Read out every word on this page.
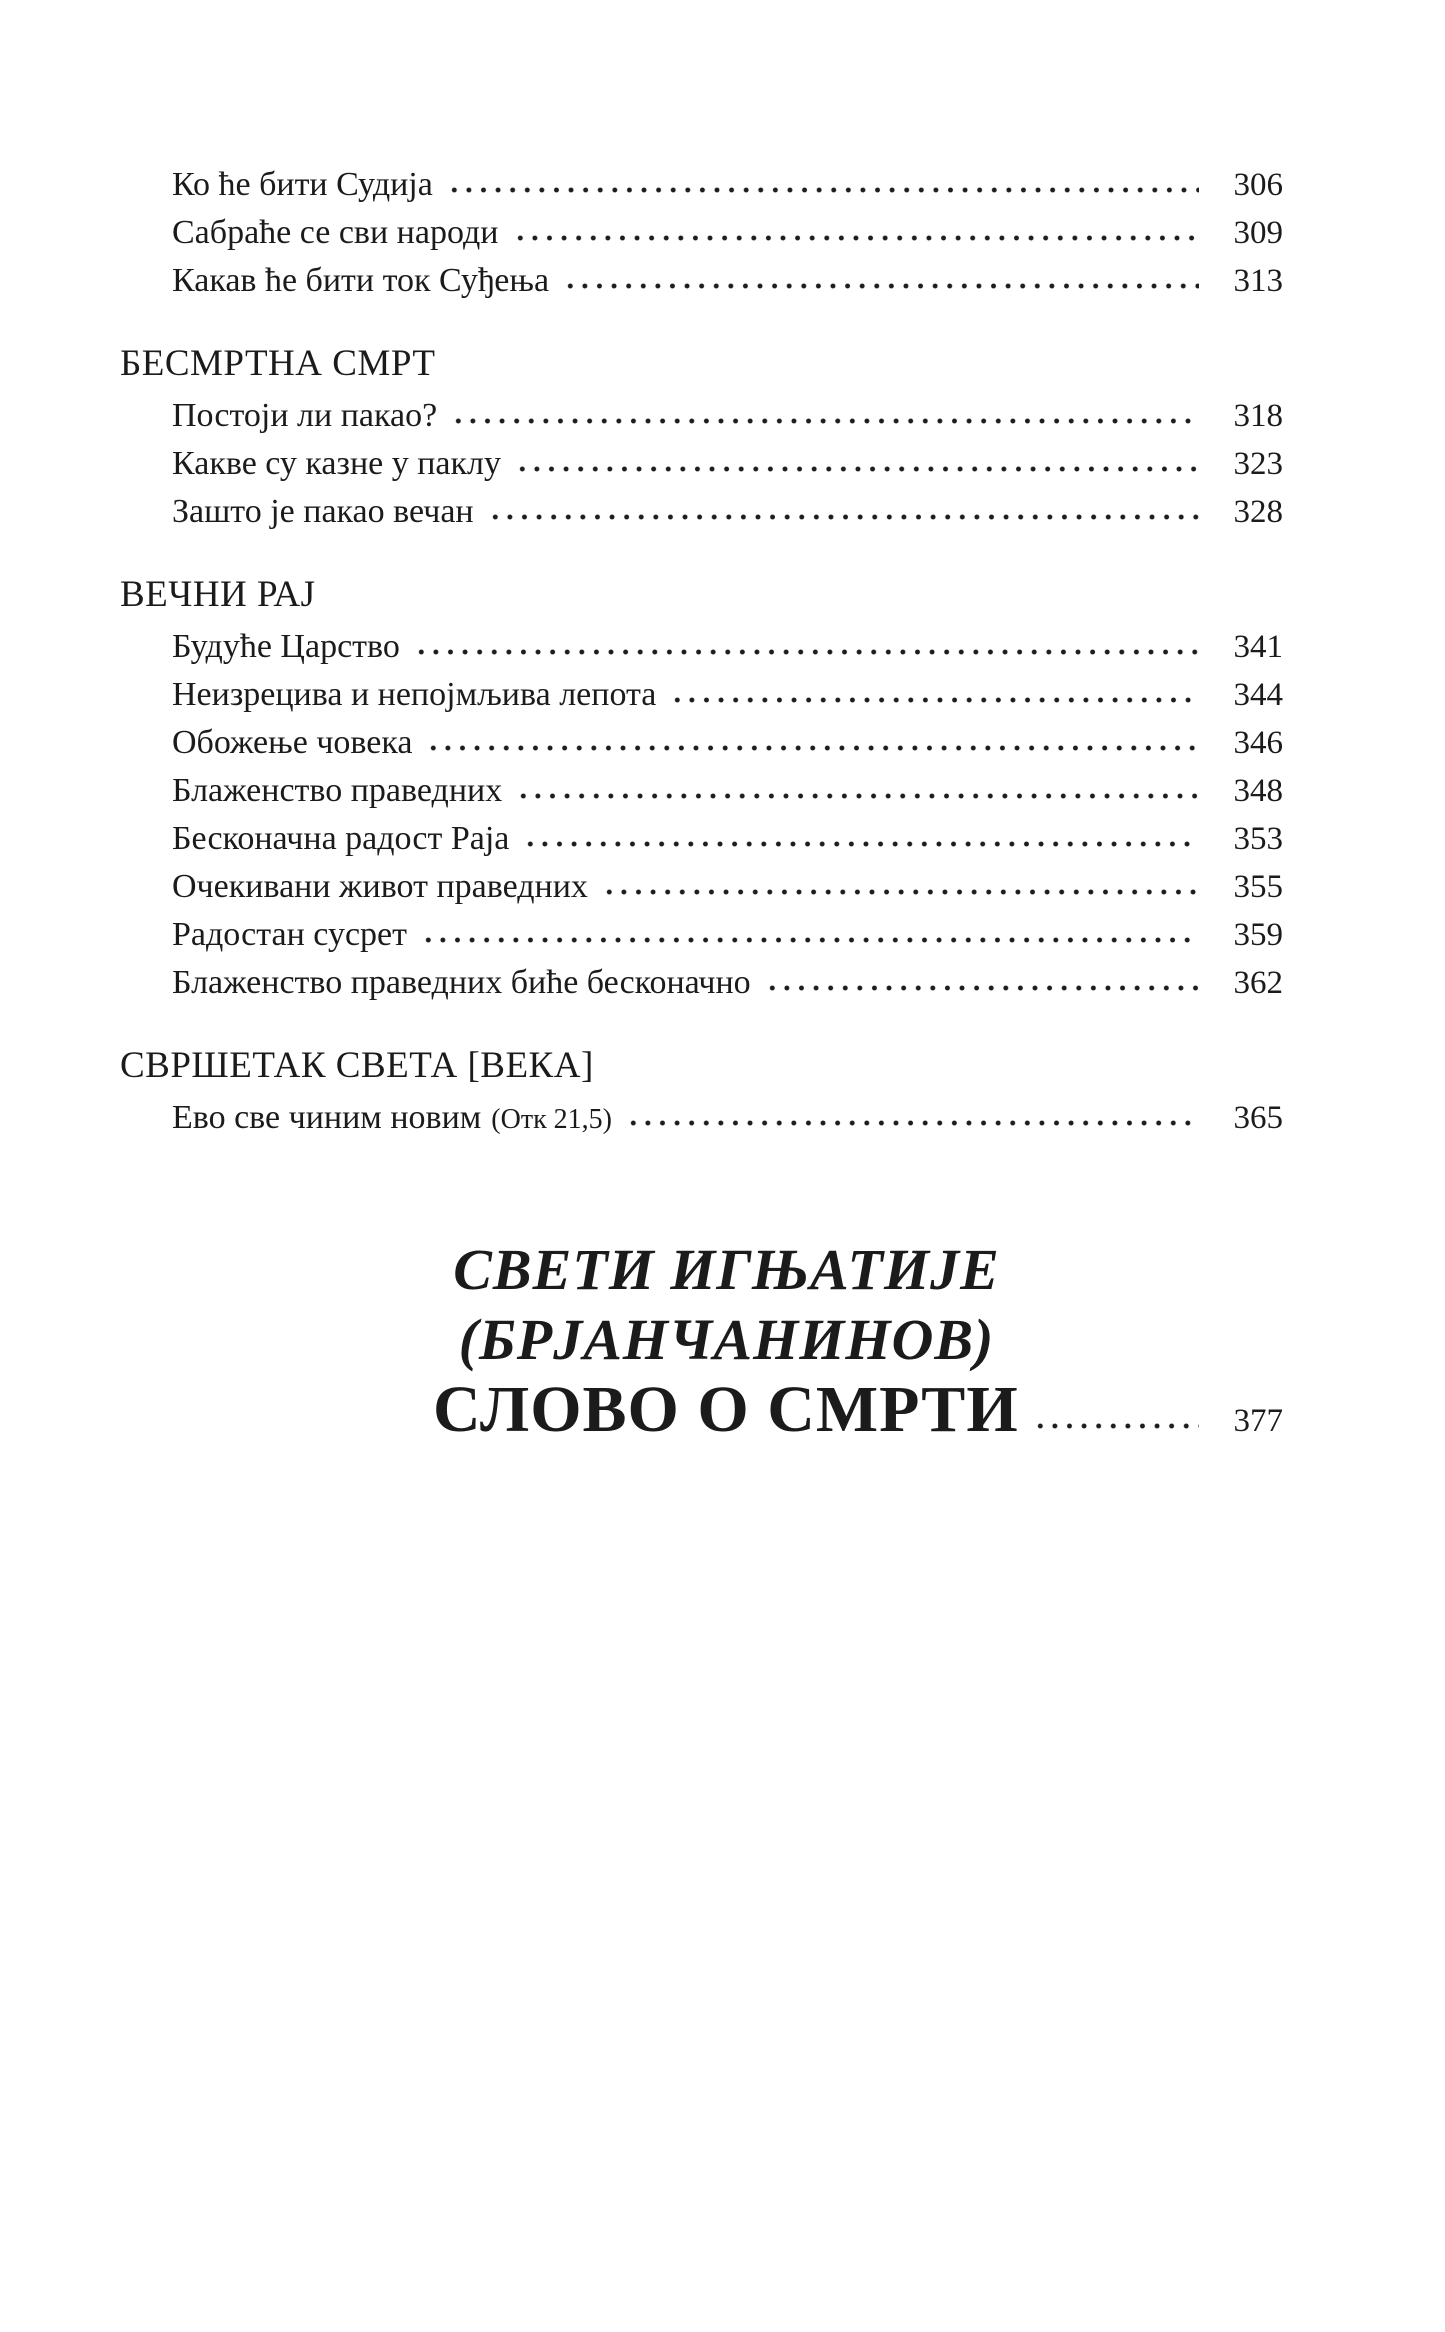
Ко ће бити Судија	306
Сабраће се сви народи	309
Какав ће бити ток Суђења	313
БЕСМРТНА СМРТ
Постоји ли пакао?	318
Какве су казне у паклу	323
Зашто је пакао вечан	328
ВЕЧНИ РАЈ
Будуће Царство	341
Неизрецива и непојмљива лепота	344
Обожење човека	346
Блаженство праведних	348
Бесконачна радост Раја	353
Очекивани живот праведних	355
Радостан сусрет	359
Блаженство праведних биће бесконачно	362
СВРШЕТАК СВЕТА [ВЕКА]
Ево све чиним новим (Отк 21,5)	365
СВЕТИ ИГЊАТИЈЕ
(БРЈАНЧАНИНОВ)
СЛОВО О СМРТИ	377
